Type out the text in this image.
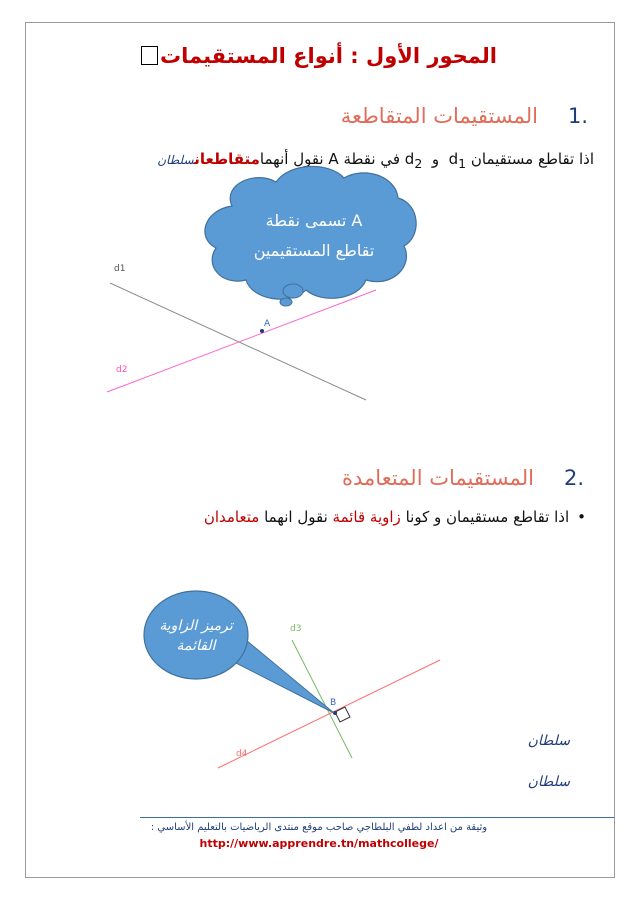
المحور الأول : أنواع المستقيمات
.1المستقيمات المتقاطعة
اذا تقاطع مستقيمان $d_1$  و  $d_2$ في نقطة A نقول أنهمامتقاطعانسلطان
A
d1
d2
A تسمى نقطة
تقاطع المستقيمين
B
d3
d4
ترميز الزاوية
القائمة
.2المستقيمات المتعامدة
•اذا تقاطع مستقيمان و كونا زاوية قائمة نقول انهما متعامدان
سلطان
سلطان
وثيقة من اعداد لطفي البلطاجي صاحب موقع منتدى الرياضيات بالتعليم الأساسي :
http://www.apprendre.tn/mathcollege/
